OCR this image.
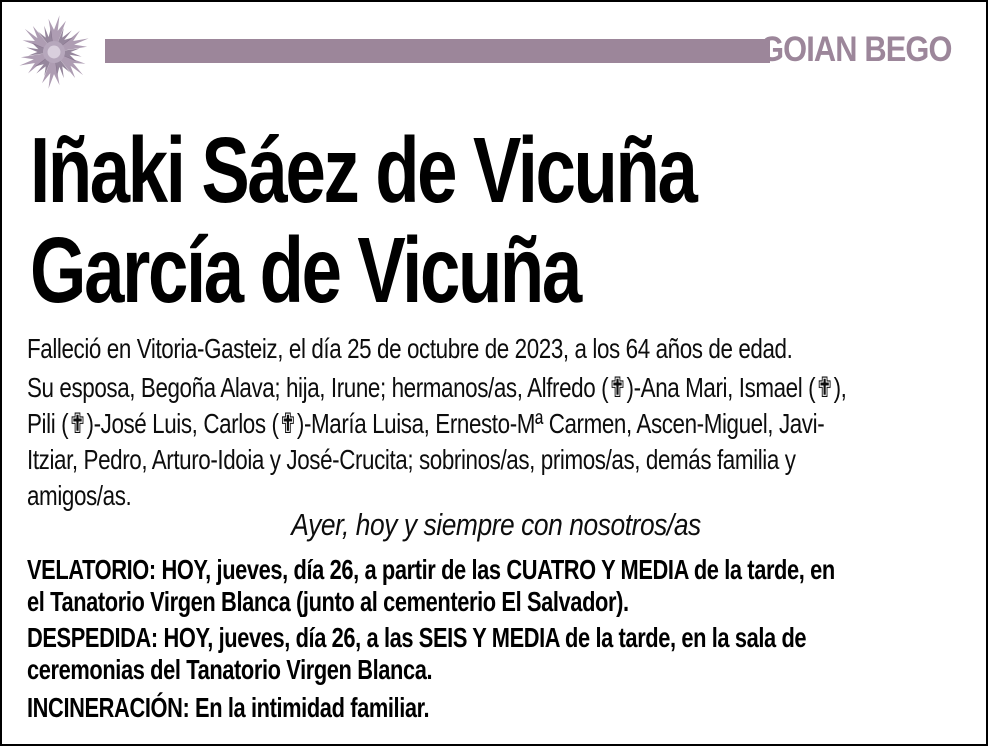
GOIAN BEGO
Iñaki Sáez de Vicuña
García de Vicuña
Falleció en Vitoria-Gasteiz, el día 25 de octubre de 2023, a los 64 años de edad.
Su esposa, Begoña Alava; hija, Irune; hermanos/as, Alfredo (✟)-Ana Mari, Ismael (✟),
Pili (✟)-José Luis, Carlos (✟)-María Luisa, Ernesto-Mª Carmen, Ascen-Miguel, Javi-
Itziar, Pedro, Arturo-Idoia y José-Crucita; sobrinos/as, primos/as, demás familia y
amigos/as.
Ayer, hoy y siempre con nosotros/as
VELATORIO: HOY, jueves, día 26, a partir de las CUATRO Y MEDIA de la tarde, en
el Tanatorio Virgen Blanca (junto al cementerio El Salvador).
DESPEDIDA: HOY, jueves, día 26, a las SEIS Y MEDIA de la tarde, en la sala de
ceremonias del Tanatorio Virgen Blanca.
INCINERACIÓN: En la intimidad familiar.
